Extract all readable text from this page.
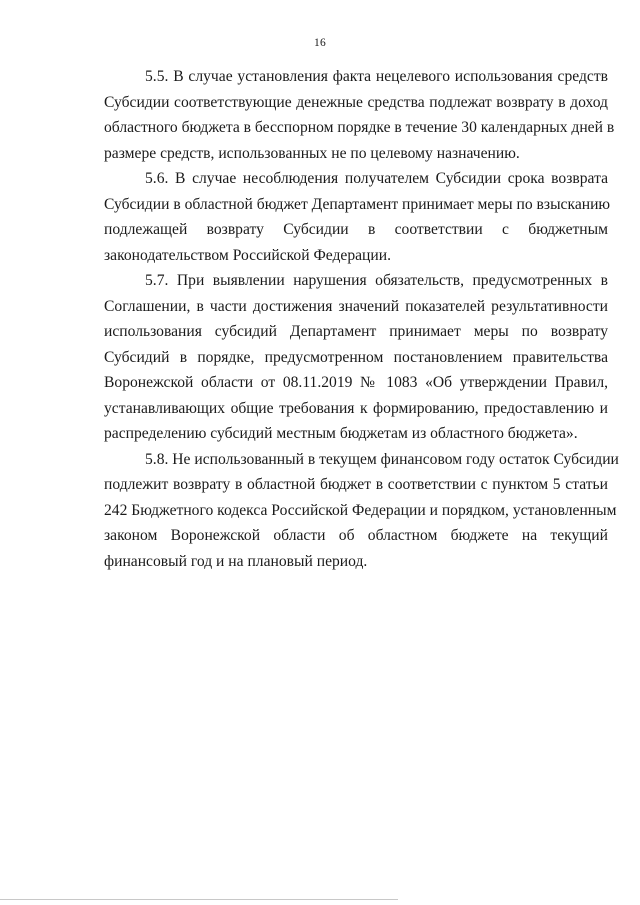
16

5.5. В случае установления факта нецелевого использования средств
Субсидии соответствующие денежные средства подлежат возврату в доход
областного бюджета в бесспорном порядке в течение 30 календарных дней в
размере средств, использованных не по целевому назначению.

5.6. В случае несоблюдения получателем Субсидии срока возврата
Субсидии в областной бюджет Департамент принимает меры по взысканию
подлежащей возврату Субсидии в соответствии с бюджетным
законодательством Российской Федерации.

5.7. При выявлении нарушения обязательств, предусмотренных в
Соглашении, в части достижения значений показателей результативности
использования субсидий Департамент принимает меры по возврату
Субсидий в порядке, предусмотренном постановлением правительства
Воронежской области от 08.11.2019 № 1083 «Об утверждении Правил,
устанавливающих общие требования к формированию, предоставлению и
распределению субсидий местным бюджетам из областного бюджета».

5.8. Не использованный в текущем финансовом году остаток Субсидии
подлежит возврату в областной бюджет в соответствии с пунктом 5 статьи
242 Бюджетного кодекса Российской Федерации и порядком, установленным
законом Воронежской области об областном бюджете на текущий
финансовый год и на плановый период.
